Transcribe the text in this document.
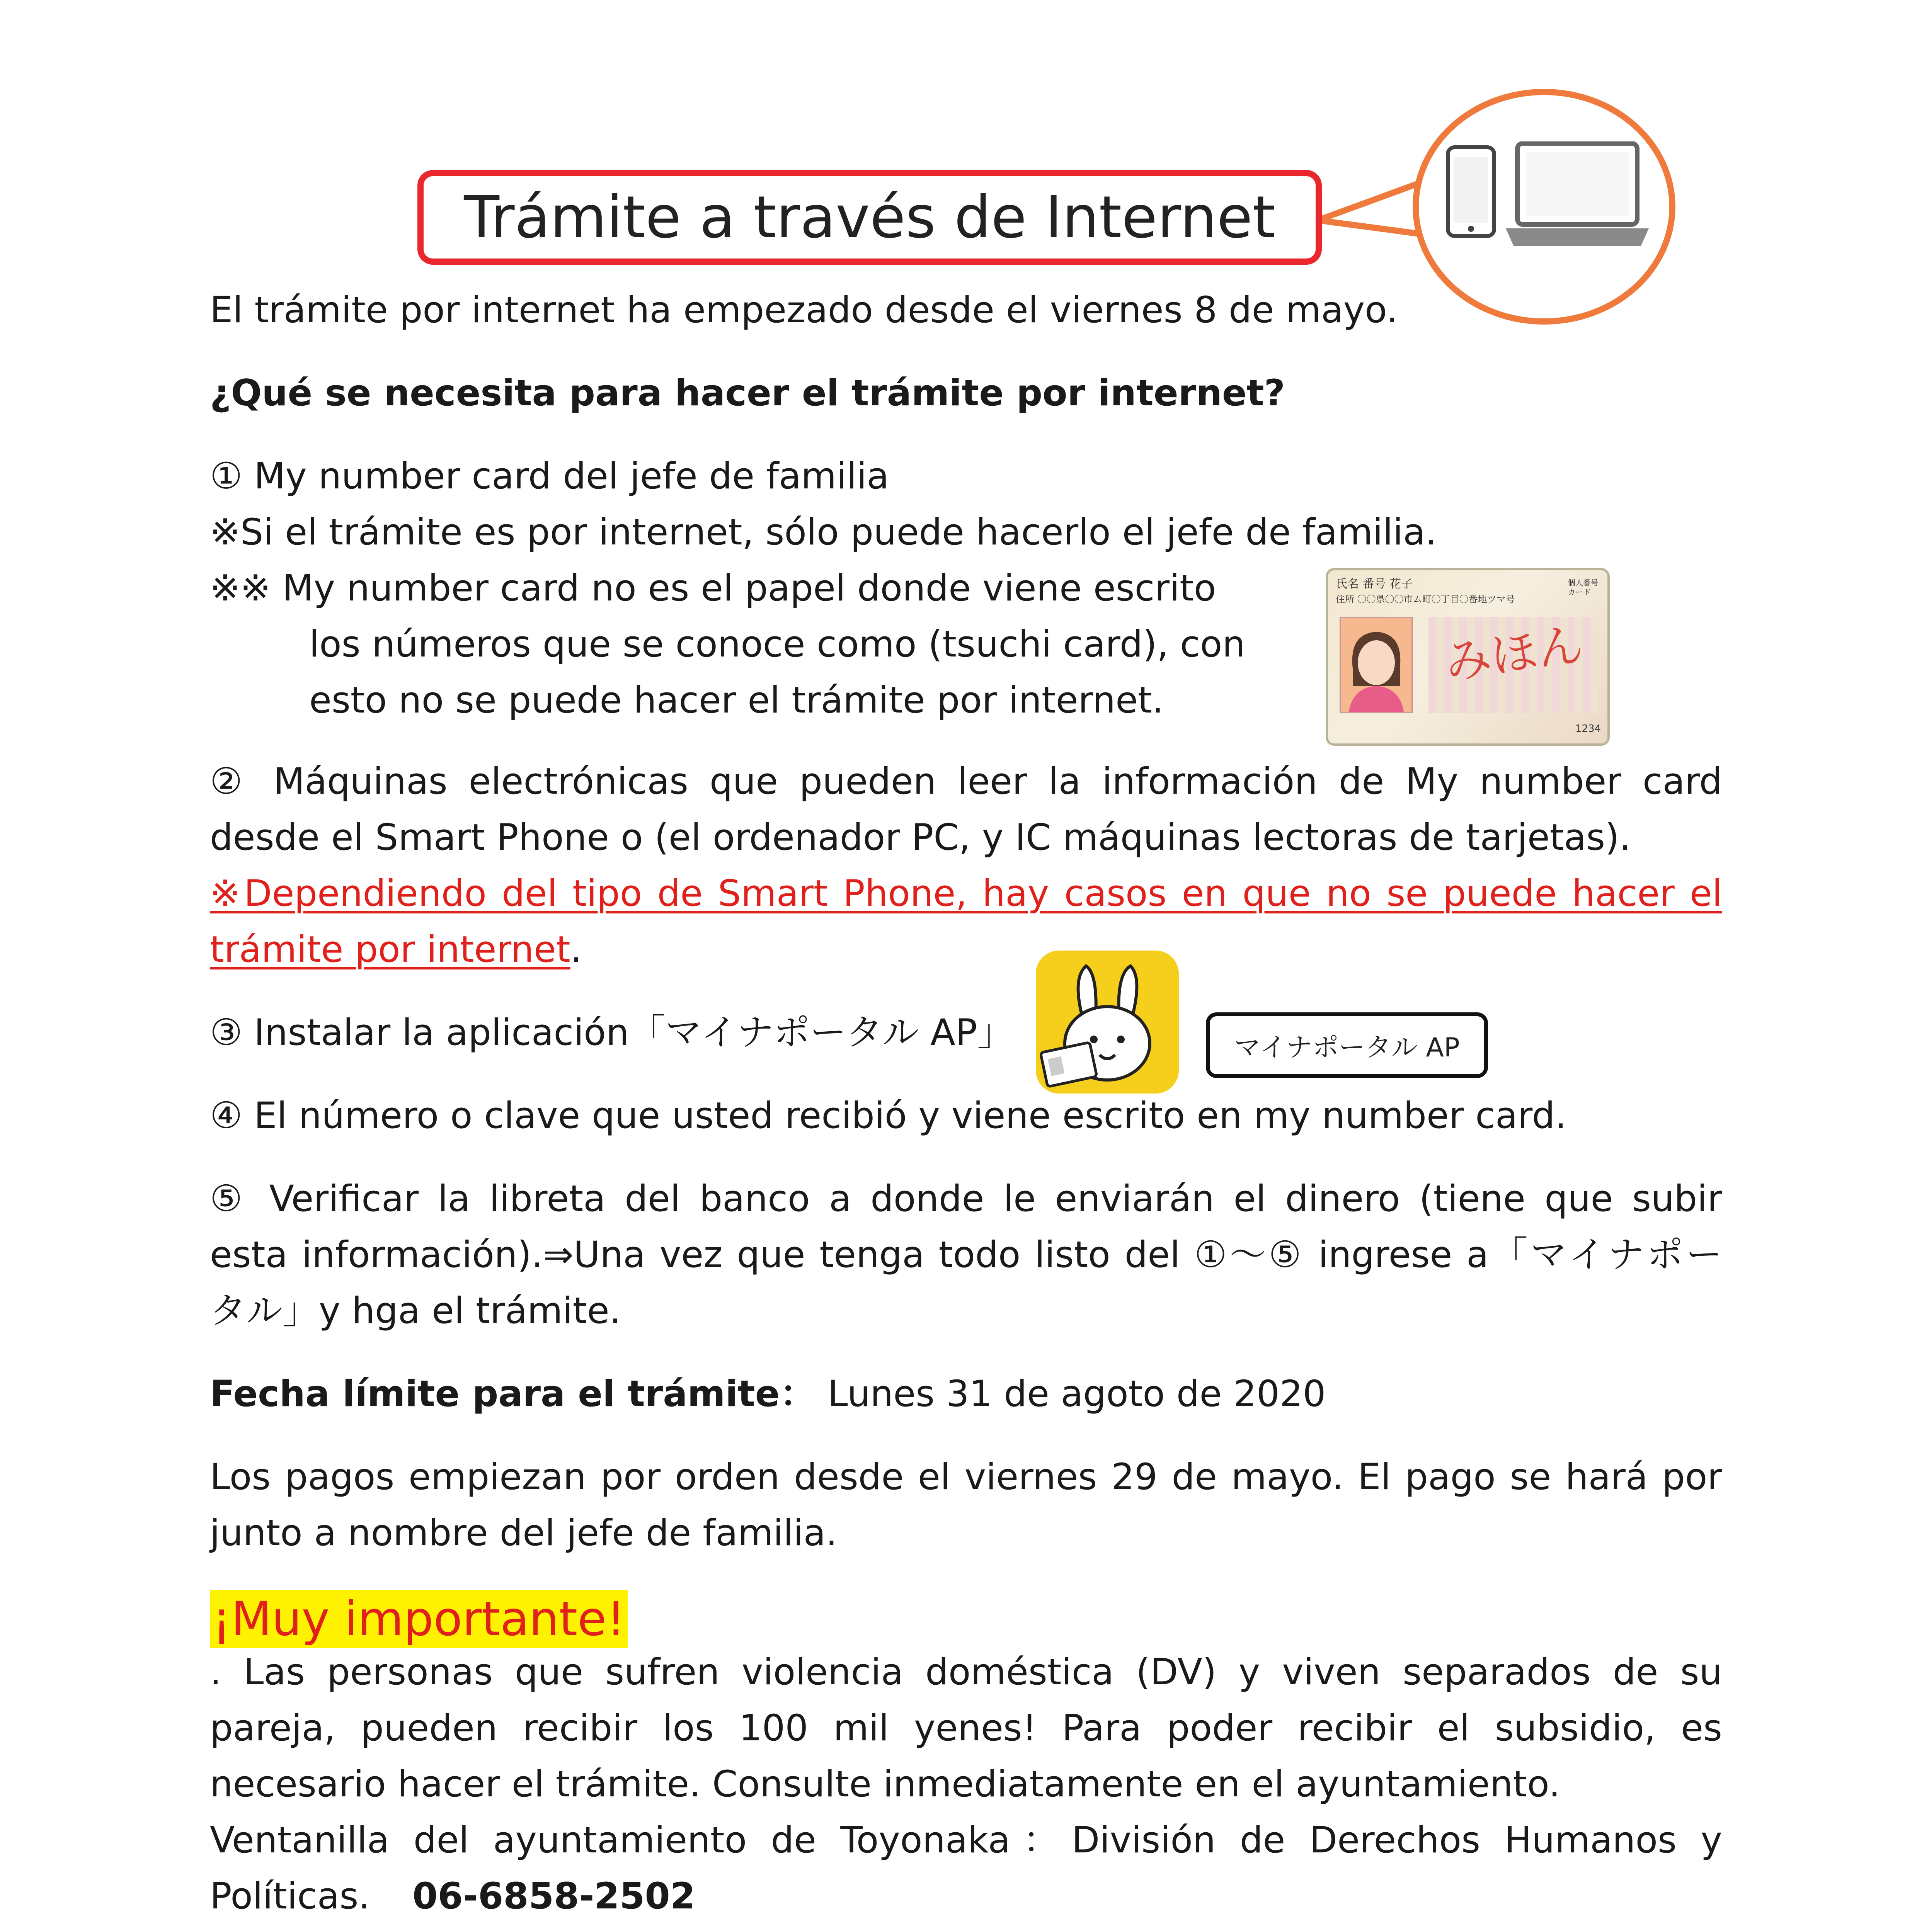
Trámite a través de Internet
El trámite por internet ha empezado desde el viernes 8 de mayo.
¿Qué se necesita para hacer el trámite por internet?
① My number card del jefe de familia
※Si el trámite es por internet, sólo puede hacerlo el jefe de familia.
※※ My number card no es el papel donde viene escrito
los números que se conoce como (tsuchi card), con
esto no se puede hacer el trámite por internet.
氏名 番号 花子
住所 〇〇県〇〇市ム町〇丁目〇番地ツマ号
個人番号カード
みほん
1234
② Máquinas electrónicas que pueden leer la información de My number card
desde el Smart Phone o (el ordenador PC, y IC máquinas lectoras de tarjetas).
※Dependiendo del tipo de Smart Phone, hay casos en que no se puede hacer el
trámite por internet.
③ Instalar la aplicación「マイナポータル AP」	マイナポータル AP
④ El número o clave que usted recibió y viene escrito en my number card.
⑤ Verificar la libreta del banco a donde le enviarán el dinero (tiene que subir
esta información).⇒Una vez que tenga todo listo del ①～⑤ ingrese a「マイナポー
タル」y hga el trámite.
Fecha límite para el trámite： Lunes 31 de agoto de 2020
Los pagos empiezan por orden desde el viernes 29 de mayo. El pago se hará por
junto a nombre del jefe de familia.
¡Muy importante!
. Las personas que sufren violencia doméstica (DV) y viven separados de su
pareja, pueden recibir los 100 mil yenes! Para poder recibir el subsidio, es
necesario hacer el trámite. Consulte inmediatamente en el ayuntamiento.
Ventanilla del ayuntamiento de Toyonaka：División de Derechos Humanos y
Políticas. 06-6858-2502
